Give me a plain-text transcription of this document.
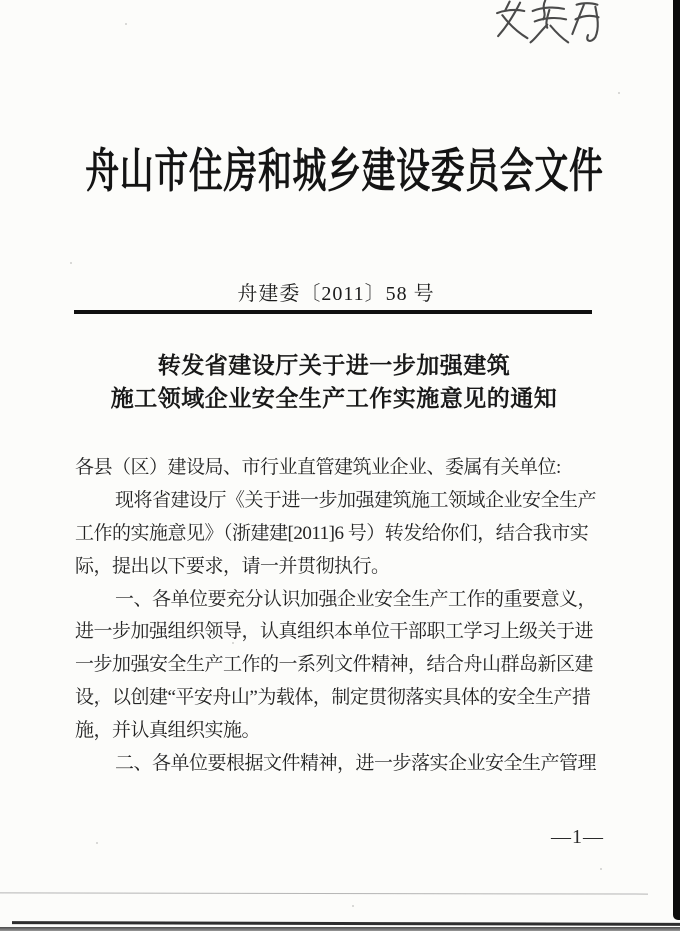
舟山市住房和城乡建设委员会文件
舟建委〔2011〕58 号
转发省建设厅关于进一步加强建筑
施工领域企业安全生产工作实施意见的通知
各县（区）建设局、市行业直管建筑业企业、委属有关单位:
现将省建设厅《关于进一步加强建筑施工领域企业安全生产
工作的实施意见》（浙建建[2011]6 号）转发给你们，结合我市实
际，提出以下要求，请一并贯彻执行。
一、各单位要充分认识加强企业安全生产工作的重要意义，
进一步加强组织领导，认真组织本单位干部职工学习上级关于进
一步加强安全生产工作的一系列文件精神，结合舟山群岛新区建
设，以创建“平安舟山”为载体，制定贯彻落实具体的安全生产措
施，并认真组织实施。
二、各单位要根据文件精神，进一步落实企业安全生产管理
—1—
